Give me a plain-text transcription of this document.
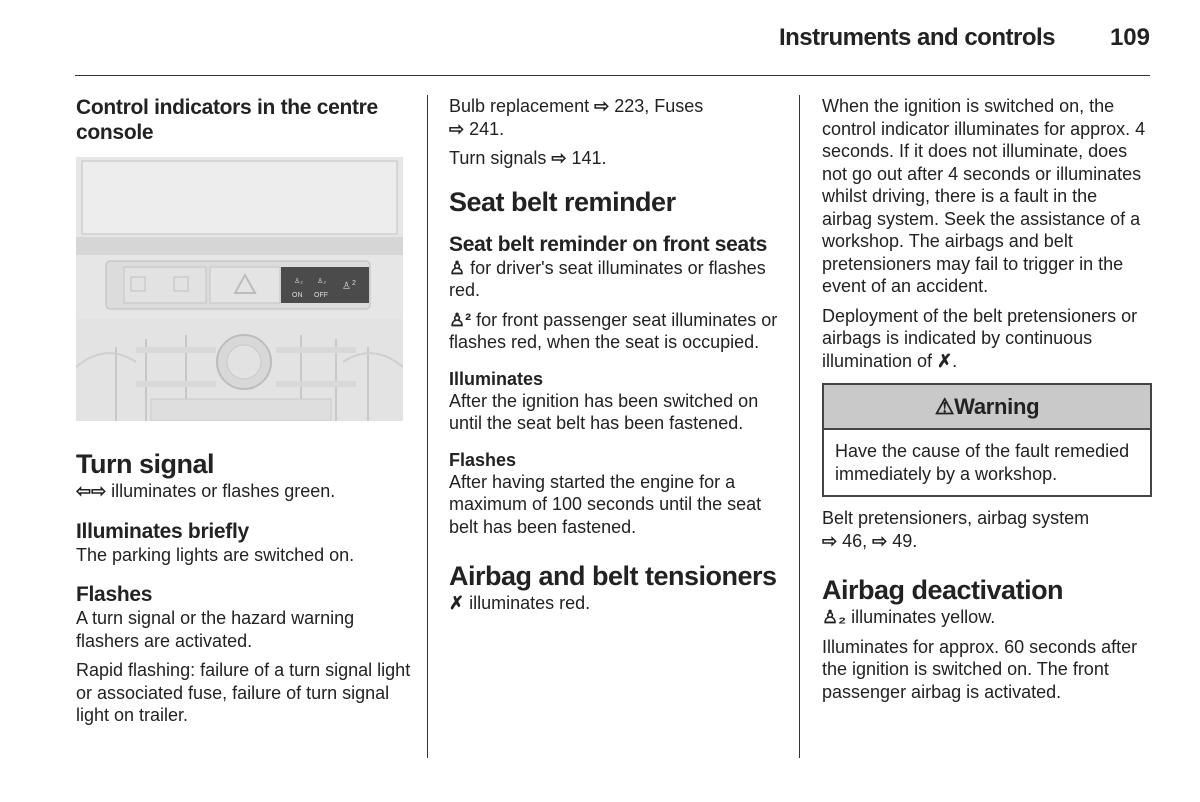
Instruments and controls 109
Control indicators in the centre console
♙₂
ON
♙₂
OFF
♙ 2
Turn signal

⇦⇨ illuminates or flashes green.

Illuminates briefly

The parking lights are switched on.

Flashes

A turn signal or the hazard warning flashers are activated.

Rapid flashing: failure of a turn signal light or associated fuse, failure of turn signal light on trailer.

Bulb replacement ⇨ 223, Fuses
⇨ 241.

Turn signals ⇨ 141.

Seat belt reminder
Seat belt reminder on front seats

♙ for driver's seat illuminates or flashes red.

♙² for front passenger seat illuminates or flashes red, when the seat is occupied.

Illuminates

After the ignition has been switched on until the seat belt has been fastened.

Flashes

After having started the engine for a maximum of 100 seconds until the seat belt has been fastened.

Airbag and belt tensioners

✗ illuminates red.

When the ignition is switched on, the control indicator illuminates for approx. 4 seconds. If it does not illuminate, does not go out after 4 seconds or illuminates whilst driving, there is a fault in the airbag system. Seek the assistance of a workshop. The airbags and belt pretensioners may fail to trigger in the event of an accident.

Deployment of the belt pretensioners or airbags is indicated by continuous illumination of ✗.

⚠Warning

Have the cause of the fault remedied immediately by a workshop.

Belt pretensioners, airbag system
⇨ 46, ⇨ 49.

Airbag deactivation

♙₂ illuminates yellow.

Illuminates for approx. 60 seconds after the ignition is switched on. The front passenger airbag is activated.
